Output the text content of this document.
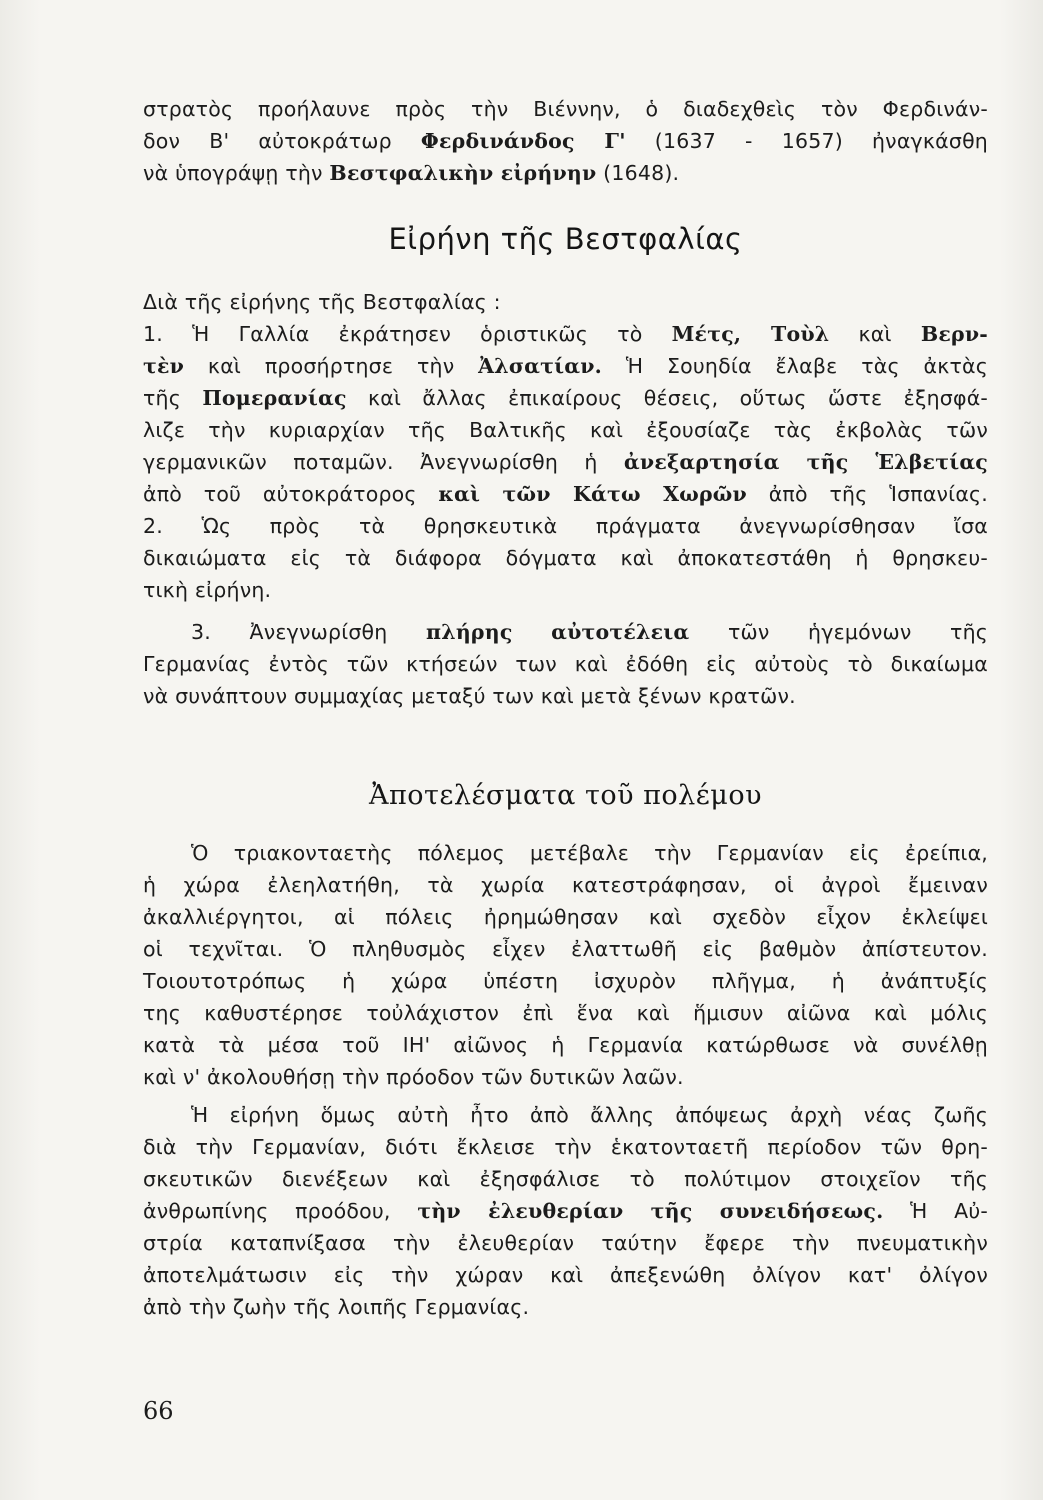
στρατὸς προήλαυνε πρὸς τὴν Βιέννην, ὁ διαδεχθεὶς τὸν Φερδινάν-

δον Β' αὐτοκράτωρ Φερδινάνδος Γ' (1637 - 1657) ἠναγκάσθη

νὰ ὑπογράψῃ τὴν Βεστφαλικὴν εἰρήνην (1648).

Εἰρήνη τῆς Βεστφαλίας

Διὰ τῆς εἰρήνης τῆς Βεστφαλίας :

1. Ἡ Γαλλία ἐκράτησεν ὁριστικῶς τὸ Μέτς, Τοὺλ καὶ Βερν-

τὲν καὶ προσήρτησε τὴν Ἀλσατίαν. Ἡ Σουηδία ἔλαβε τὰς ἀκτὰς

τῆς Πομερανίας καὶ ἄλλας ἐπικαίρους θέσεις, οὕτως ὥστε ἐξησφά-

λιζε τὴν κυριαρχίαν τῆς Βαλτικῆς καὶ ἐξουσίαζε τὰς ἐκβολὰς τῶν

γερμανικῶν ποταμῶν. Ἀνεγνωρίσθη ἡ ἀνεξαρτησία τῆς Ἑλβετίας

ἀπὸ τοῦ αὐτοκράτορος καὶ τῶν Κάτω Χωρῶν ἀπὸ τῆς Ἱσπανίας.

2. Ὡς πρὸς τὰ θρησκευτικὰ πράγματα ἀνεγνωρίσθησαν ἴσα

δικαιώματα εἰς τὰ διάφορα δόγματα καὶ ἀποκατεστάθη ἡ θρησκευ-

τικὴ εἰρήνη.

3. Ἀνεγνωρίσθη πλήρης αὐτοτέλεια τῶν ἡγεμόνων τῆς

Γερμανίας ἐντὸς τῶν κτήσεών των καὶ ἐδόθη εἰς αὐτοὺς τὸ δικαίωμα

νὰ συνάπτουν συμμαχίας μεταξύ των καὶ μετὰ ξένων κρατῶν.

Ἀποτελέσματα τοῦ πολέμου

Ὁ τριακονταετὴς πόλεμος μετέβαλε τὴν Γερμανίαν εἰς ἐρείπια,

ἡ χώρα ἐλεηλατήθη, τὰ χωρία κατεστράφησαν, οἱ ἀγροὶ ἔμειναν

ἀκαλλιέργητοι, αἱ πόλεις ἠρημώθησαν καὶ σχεδὸν εἶχον ἐκλείψει

οἱ τεχνῖται. Ὁ πληθυσμὸς εἶχεν ἐλαττωθῆ εἰς βαθμὸν ἀπίστευτον.

Τοιουτοτρόπως ἡ χώρα ὑπέστη ἰσχυρὸν πλῆγμα, ἡ ἀνάπτυξίς

της καθυστέρησε τοὐλάχιστον ἐπὶ ἕνα καὶ ἥμισυν αἰῶνα καὶ μόλις

κατὰ τὰ μέσα τοῦ ΙΗ' αἰῶνος ἡ Γερμανία κατώρθωσε νὰ συνέλθῃ

καὶ ν' ἀκολουθήσῃ τὴν πρόοδον τῶν δυτικῶν λαῶν.

Ἡ εἰρήνη ὅμως αὐτὴ ἦτο ἀπὸ ἄλλης ἀπόψεως ἀρχὴ νέας ζωῆς

διὰ τὴν Γερμανίαν, διότι ἔκλεισε τὴν ἑκατονταετῆ περίοδον τῶν θρη-

σκευτικῶν διενέξεων καὶ ἐξησφάλισε τὸ πολύτιμον στοιχεῖον τῆς

ἀνθρωπίνης προόδου, τὴν ἐλευθερίαν τῆς συνειδήσεως. Ἡ Αὐ-

στρία καταπνίξασα τὴν ἐλευθερίαν ταύτην ἔφερε τὴν πνευματικὴν

ἀποτελμάτωσιν εἰς τὴν χώραν καὶ ἀπεξενώθη ὀλίγον κατ' ὀλίγον

ἀπὸ τὴν ζωὴν τῆς λοιπῆς Γερμανίας.

66
